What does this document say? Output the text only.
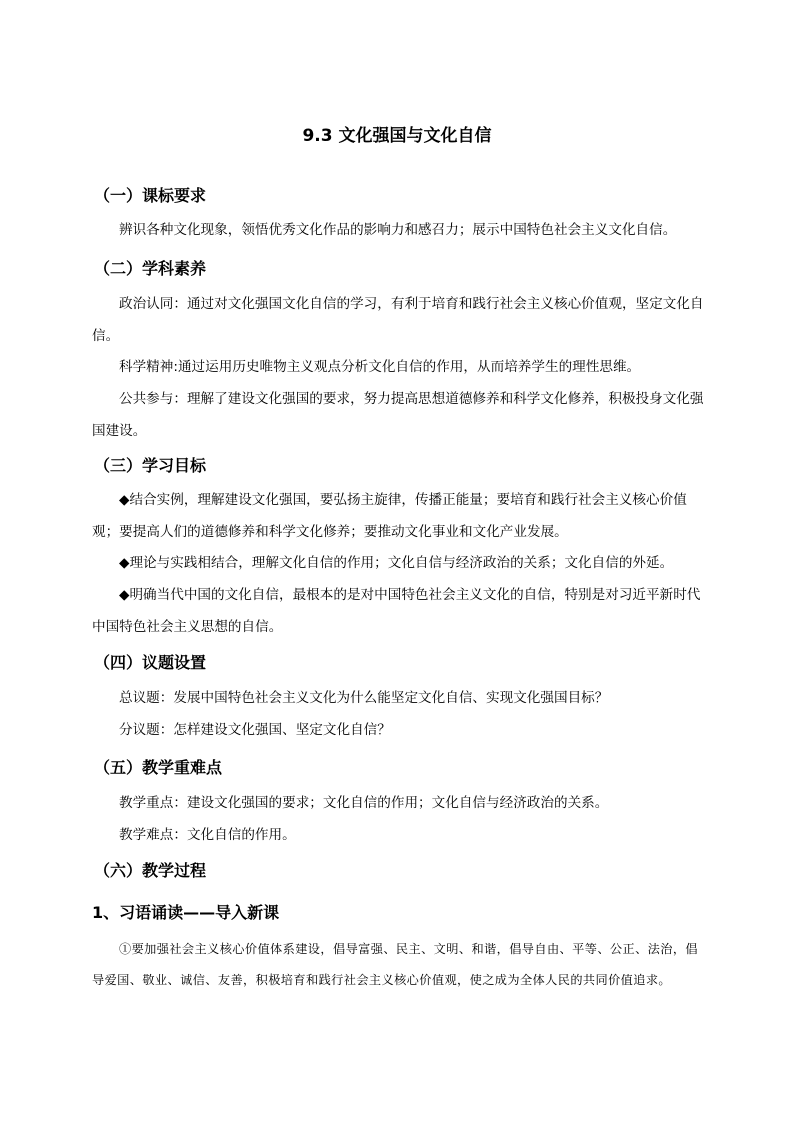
9.3 文化强国与文化自信
（一）课标要求

辨识各种文化现象，领悟优秀文化作品的影响力和感召力；展示中国特色社会主义文化自信。

（二）学科素养

政治认同：通过对文化强国文化自信的学习，有利于培育和践行社会主义核心价值观，坚定文化自信。

科学精神:通过运用历史唯物主义观点分析文化自信的作用，从而培养学生的理性思维。

公共参与：理解了建设文化强国的要求，努力提高思想道德修养和科学文化修养，积极投身文化强国建设。

（三）学习目标

◆结合实例，理解建设文化强国，要弘扬主旋律，传播正能量；要培育和践行社会主义核心价值观；要提高人们的道德修养和科学文化修养；要推动文化事业和文化产业发展。

◆理论与实践相结合，理解文化自信的作用；文化自信与经济政治的关系；文化自信的外延。

◆明确当代中国的文化自信，最根本的是对中国特色社会主义文化的自信，特别是对习近平新时代中国特色社会主义思想的自信。

（四）议题设置

总议题：发展中国特色社会主义文化为什么能坚定文化自信、实现文化强国目标？

分议题：怎样建设文化强国、坚定文化自信？

（五）教学重难点

教学重点：建设文化强国的要求；文化自信的作用；文化自信与经济政治的关系。

教学难点：文化自信的作用。

（六）教学过程
1、习语诵读——导入新课

①要加强社会主义核心价值体系建设，倡导富强、民主、文明、和谐，倡导自由、平等、公正、法治，倡导爱国、敬业、诚信、友善，积极培育和践行社会主义核心价值观，使之成为全体人民的共同价值追求。
